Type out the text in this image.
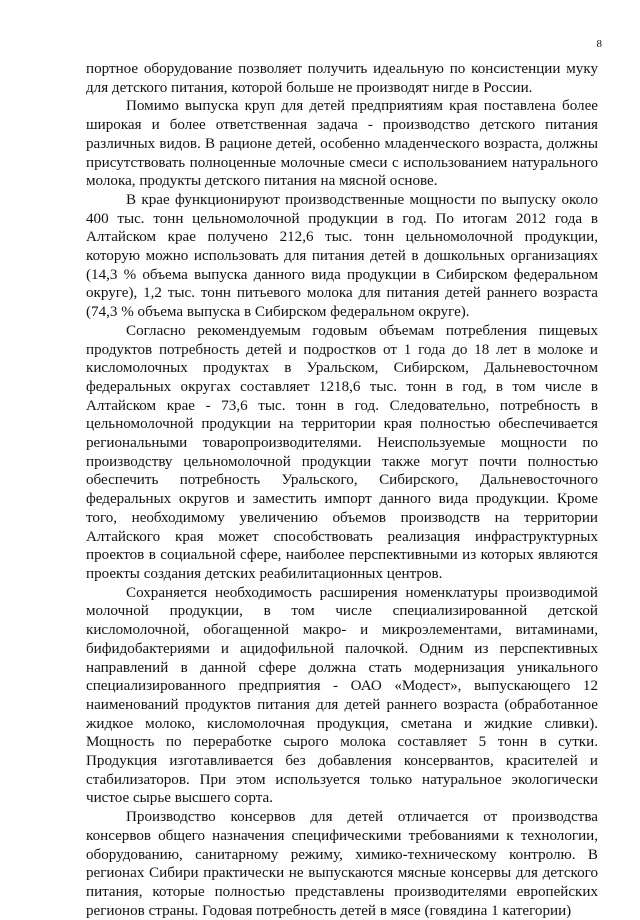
8

портное оборудование позволяет получить идеальную по консистенции муку для детского питания, которой больше не производят нигде в России.

Помимо выпуска круп для детей предприятиям края поставлена более широкая и более ответственная задача - производство детского питания различных видов. В рационе детей, особенно младенческого возраста, должны присутствовать полноценные молочные смеси с использованием натурального молока, продукты детского питания на мясной основе.

В крае функционируют производственные мощности по выпуску около 400 тыс. тонн цельномолочной продукции в год. По итогам 2012 года в Алтайском крае получено 212,6 тыс. тонн цельномолочной продукции, которую можно использовать для питания детей в дошкольных организациях (14,3 % объема выпуска данного вида продукции в Сибирском федеральном округе), 1,2 тыс. тонн питьевого молока для питания детей раннего возраста (74,3 % объема выпуска в Сибирском федеральном округе).

Согласно рекомендуемым годовым объемам потребления пищевых продуктов потребность детей и подростков от 1 года до 18 лет в молоке и кисломолочных продуктах в Уральском, Сибирском, Дальневосточном федеральных округах составляет 1218,6 тыс. тонн в год, в том числе в Алтайском крае - 73,6 тыс. тонн в год. Следовательно, потребность в цельномолочной продукции на территории края полностью обеспечивается региональными товаропроизводителями. Неиспользуемые мощности по производству цельномолочной продукции также могут почти полностью обеспечить потребность Уральского, Сибирского, Дальневосточного федеральных округов и заместить импорт данного вида продукции. Кроме того, необходимому увеличению объемов производств на территории Алтайского края может способствовать реализация инфраструктурных проектов в социальной сфере, наиболее перспективными из которых являются проекты создания детских реабилитационных центров.

Сохраняется необходимость расширения номенклатуры производимой молочной продукции, в том числе специализированной детской кисломолочной, обогащенной макро- и микроэлементами, витаминами, бифидобактериями и ацидофильной палочкой. Одним из перспективных направлений в данной сфере должна стать модернизация уникального специализированного предприятия - ОАО «Модест», выпускающего 12 наименований продуктов питания для детей раннего возраста (обработанное жидкое молоко, кисломолочная продукция, сметана и жидкие сливки). Мощность по переработке сырого молока составляет 5 тонн в сутки. Продукция изготавливается без добавления консервантов, красителей и стабилизаторов. При этом используется только натуральное экологически чистое сырье высшего сорта.

Производство консервов для детей отличается от производства консервов общего назначения специфическими требованиями к технологии, оборудованию, санитарному режиму, химико-техническому контролю. В регионах Сибири практически не выпускаются мясные консервы для детского питания, которые полностью представлены производителями европейских регионов страны. Годовая потребность детей в мясе (говядина 1 категории)
